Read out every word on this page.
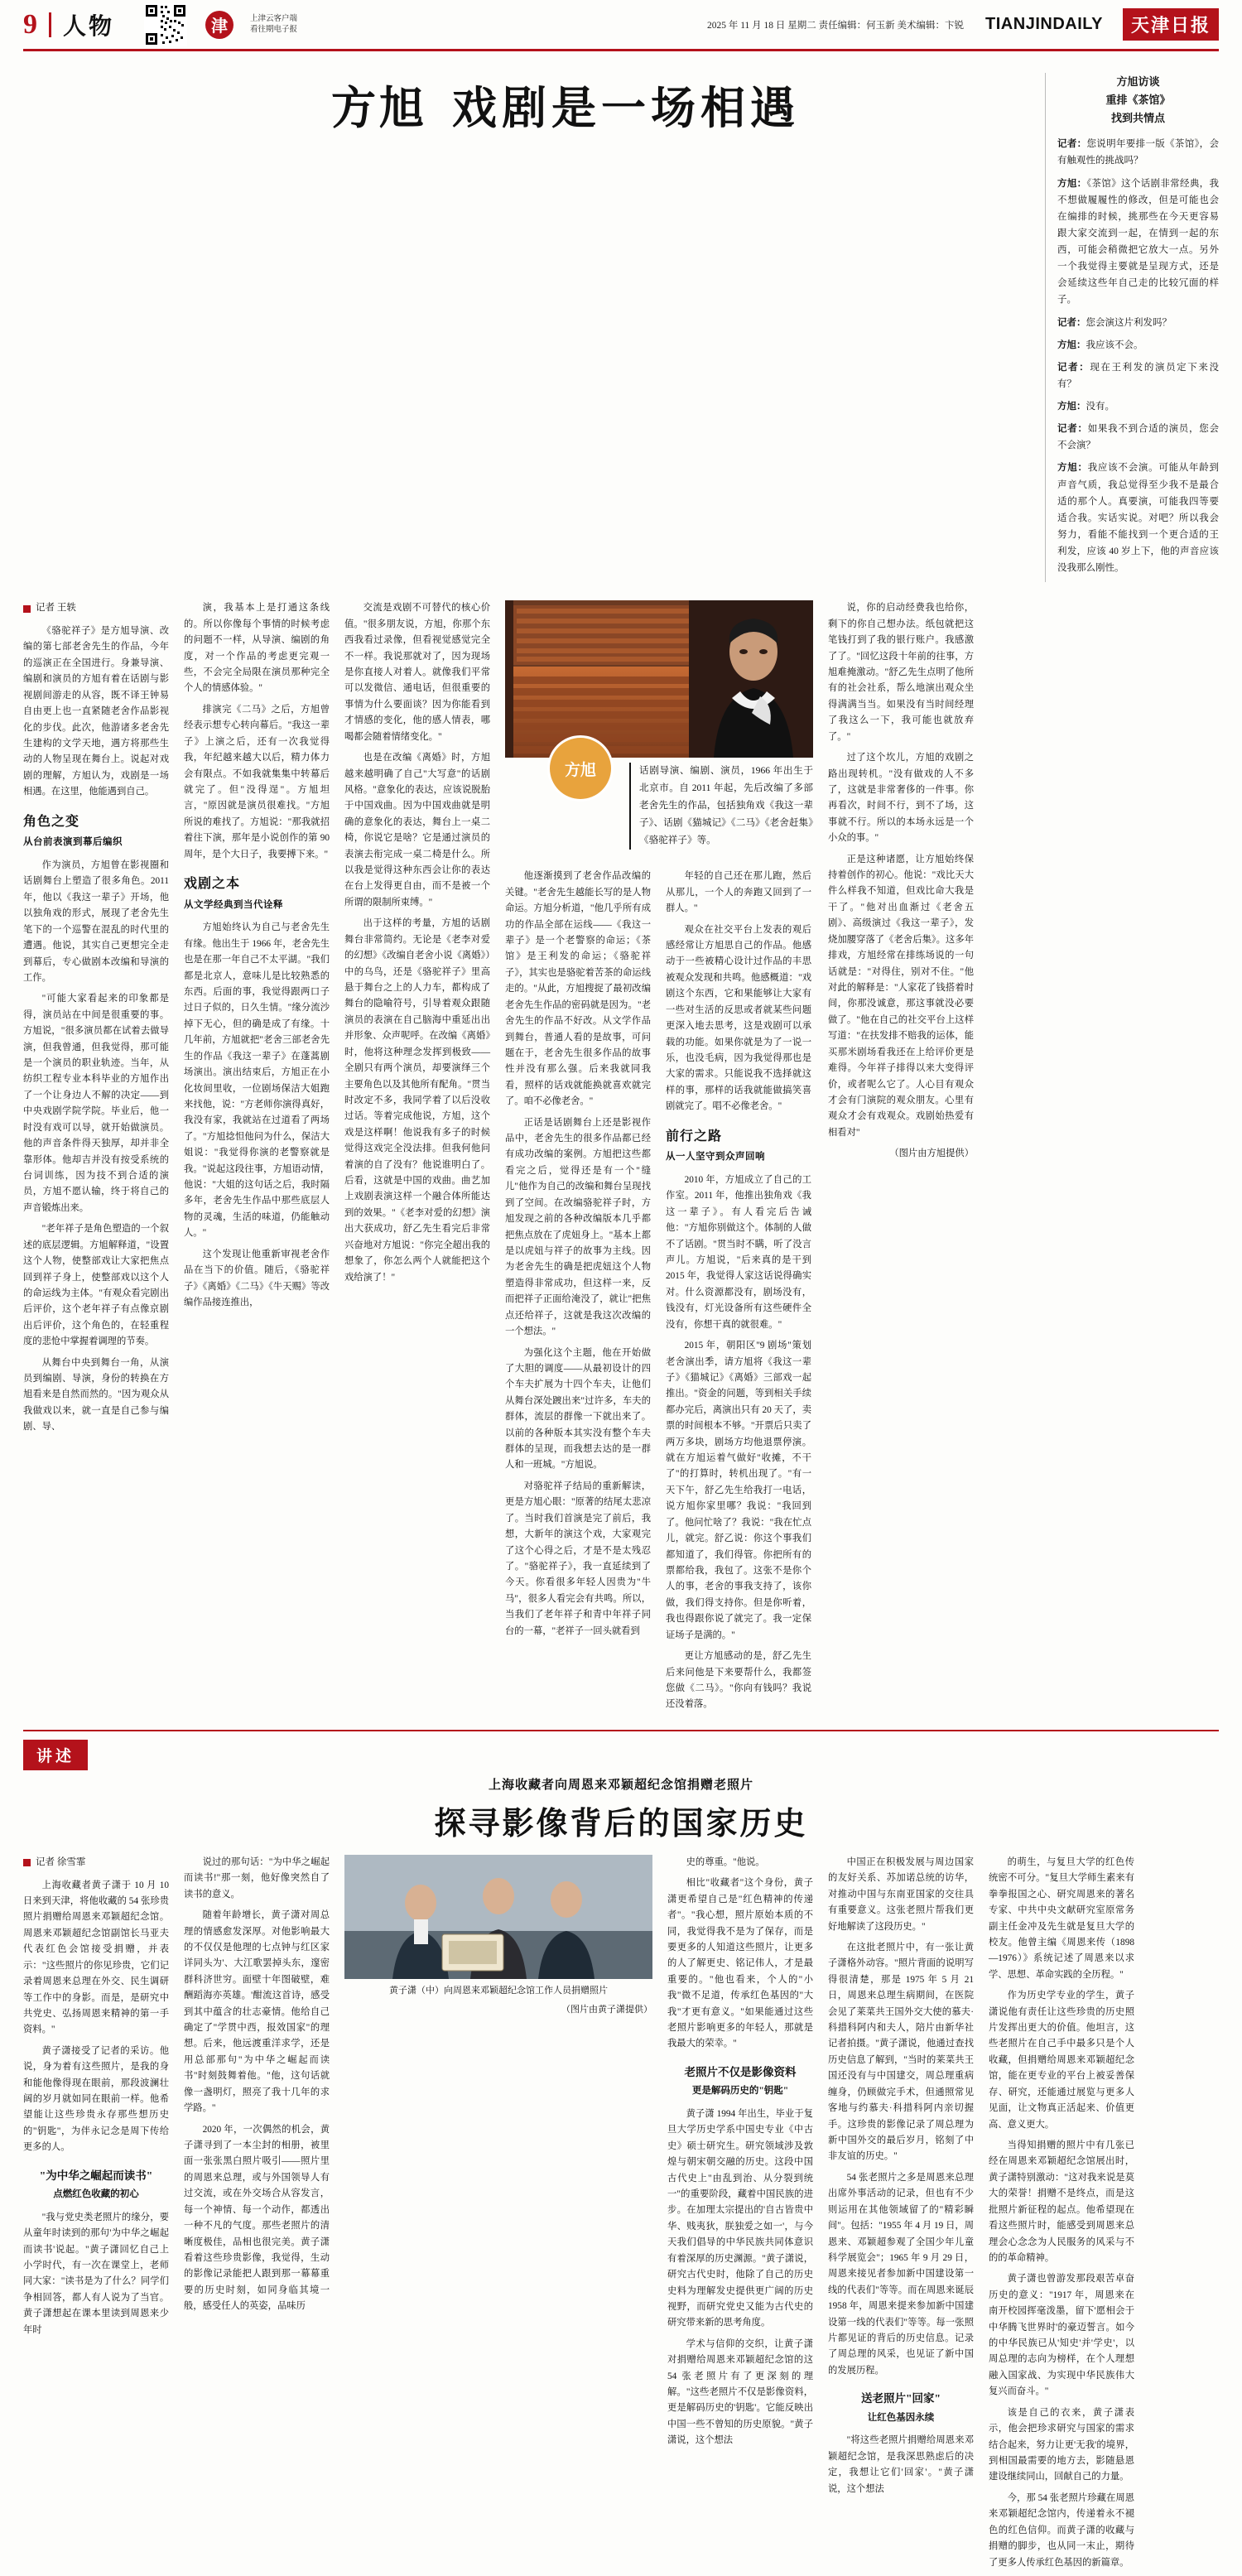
9 人物	津	上津云客户端
看往期电子报	2025 年 11 月 18 日 星期二 责任编辑：何玉新 美术编辑：卞锐	TIANJINDAILY	天津日报
方旭 戏剧是一场相遇
方旭访谈
重排《茶馆》
找到共情点

记者：您说明年要排一版《茶馆》，会有触观性的挑战吗？

方旭：《茶馆》这个话剧非常经典，我不想做履履性的修改，但是可能也会在编排的时候，挑那些在今天更容易跟大家交流到一起，在情到一起的东西，可能会稍微把它放大一点。另外一个我觉得主要就是呈现方式，还是会延续这些年自己走的比较冗面的样子。

记者：您会演这片利发吗？

方旭：我应该不会。

记者：现在王利发的演员定下来没有？

方旭：没有。

记者：如果我不到合适的演员，您会不会演？

方旭：我应该不会演。可能从年龄到声音气质，我总觉得至少我不是最合适的那个人。真要演，可能我四等要适合我。实话实说。对吧？所以我会努力，看能不能找到一个更合适的王利发，应该 40 岁上下，他的声音应该没我那么刚性。

记者 王轶

《骆驼祥子》是方旭导演、改编的第七部老舍先生的作品，今年的巡演正在全国进行。身兼导演、编剧和演员的方旭有着在话剧与影视剧间游走的从容，既不译王钟易自由更上也一直紧随老舍作品影视化的步伐。此次，他游诸多老舍先生建构的文学天地，遇方将那些生动的人物呈现在舞台上。说起对戏剧的理解，方旭认为，戏剧是一场相遇。在这里，他能遇到自己。

角色之变
从台前表演到幕后编织

作为演员，方旭曾在影视圈和话剧舞台上塑造了很多角色。2011 年，他以《我这一辈子》开场，他以独角戏的形式，展现了老舍先生笔下的一个巡警在混乱的时代里的遭遇。他说，其实自己更想完全走到幕后，专心做剧本改编和导演的工作。

"可能大家看起来的印象都是得，演员站在中间是很重要的事。方旭说，"很多演员都在试着去做导演，但我曾通，但我觉得，那可能是一个演员的职业轨迹。当年，从纺织工程专业本科毕业的方旭作出了一个让身边人不解的决定——到中央戏剧学院学院。毕业后，他一时没有戏可以导，就开始做演员。他的声音条件得天独厚，却并非全靠形体。他却吉并没有按受系统的台词训练，因为技不到合适的演员，方旭不愿认输，终于将自己的声音锻炼出来。

"老年祥子是角色塑造的一个叙述的底层逻辑。方旭解释道，"设置这个人物，使整部戏让大家把焦点回到祥子身上，使整部戏以这个人的命运线为主体。"有观众看完剧出后评价，这个老年祥子有点像京剧出后评价，这个角色的，在轻重程度的悲怆中掌握着调理的节奏。

从舞台中央到舞台一角，从演员到编剧、导演，身份的转换在方旭看来是自然而然的。"因为观众从我做戏以来，就一直是自己参与编剧、导、

演，我基本上是打通这条线的。所以你像每个事情的时候考虑的问题不一样，从导演、编剧的角度，对一个作品的考虑更完观一些，不会完全局限在演员那种完全个人的情感体验。"

排演完《二马》之后，方旭曾经表示想专心转向幕后。"我这一辈子》上演之后，还有一次我觉得我，年纪越来越大以后，精力体力会有限点。不如我就集集中转幕后就完了。但"没得逞"。方旭坦言，"原因就是演员很难找。"方旭所说的难找了。方旭说："那我就招着往下演，那年是小说创作的第 90 周年，是个大日子，我要搏下来。"

戏剧之本
从文学经典到当代诠释

方旭始终认为自己与老舍先生有缘。他出生于 1966 年，老舍先生也是在那一年自己不太平湖。"我们都是北京人，意味儿是比较熟悉的东西。后面的事，我觉得跟两口子过日子似的，日久生情。"缘分流沙掉下无心，但的确是成了有缘。十几年前，方旭就把"老舍三部老舍先生的作品《我这一辈子》在蓬蒿剧场演出。演出结束后，方旭正在小化妆间里收，一位剧场保洁大姐跑来找他，说："方老师你演得真好，我没有家，我就站在过道看了两场了。"方旭捻怛他问为什么，保洁大姐说："我觉得你演的老警察就是我。"说起这段往事，方旭语动情，他说："大姐的这句话之后，我时隔多年，老舍先生作品中那些底层人物的灵魂，生活的味道，仍能触动人。"

这个发现让他重新审视老舍作品在当下的价值。随后，《骆驼祥子》《离婚》《二马》《牛天赐》等改编作品接连推出，

交流是戏剧不可替代的核心价值。"很多朋友说，方旭，你那个东西我看过录像，但看视觉感觉完全不一样。我说那就对了，因为现场是你直接人对着人。就像我们平常可以发微信、通电话，但很重要的事情为什么要面谈？因为你能看到才情感的变化，他的感人情表，哪喝都会随着情绪变化。"

也是在改编《离婚》时，方旭越来越明确了自己"大写意"的话剧风格。"意象化的表达，应该说脱胎于中国戏曲。因为中国戏曲就是明确的意象化的表达，舞台上一桌二椅，你说它是啥？它是通过演员的表演去衔完成一桌二椅是什么。所以我是觉得这种东西会让你的表达在台上发得更自由，而不是被一个所谓的限制所束缚。"

出于这样的考量，方旭的话剧舞台非常简约。无论是《老李对爱的幻想》《改编自老舍小说《离婚》）中的乌鸟，还是《骆驼祥子》里高悬于舞台之上的人力车，都构成了舞台的隐喻符号，引导着观众跟随演员的表演在自己脑海中重延出出并形象、众声呢呼。在改编《离婚》时，他将这种理念发挥到极致——全剧只有两个演员，却要演绎三个主要角色以及其他所有配角。"贯当时改定不多，我同学着了以后没收过话。等着完成他说，方旭，这个戏是这样啊！他说我有多子的时候觉得这戏完全没法排。但我何他问着演的自了没有？他说谁明白了。后看，这就是中国的戏曲。曲艺加上戏剧表演这样一个融合体所能达到的效果。"《老李对爱的幻想》演出大获成功，舒乙先生看完后非常兴奋地对方旭说："你完全超出我的想象了，你怎么两个人就能把这个戏给演了！"

方旭	话剧导演、编剧、演员，1966 年出生于北京市。自 2011 年起，先后改编了多部老舍先生的作品，包括独角戏《我这一辈子》、话剧《猫城记》《二马》《老舍赶集》《骆驼祥子》等。

他逐渐摸到了老舍作品改编的关键。"老舍先生越能长写的是人物命运。方旭分析道，"他几乎所有成功的作品全部在运线——《我这一辈子》是一个老警察的命运；《茶馆》是王利发的命运；《骆驼祥子》，其实也是骆驼着苦茶的命运线走的。"从此，方旭搜捉了最初改编老舍先生作品的密码就是因为。"老舍先生的作品不好改。从文学作品到舞台，普通人看的是故事，可问题在于，老舍先生很多作品的故事性并没有那么强。后来我就同我看，照样的话戏就能换就喜欢就完了。咱不必像老舍。"

正话是话剧舞台上还是影视作品中，老舍先生的很多作品都已经有成功改编的案例。方旭把这些都看完之后，觉得还是有一个"缝儿"他作为自己的改编和舞台呈现找到了空间。在改编骆驼祥子时，方旭发现之前的各种改编版本几乎都把焦点放在了虎妞身上。"基本上都是以虎妞与祥子的故事为主线。因为老舍先生的确是把虎妞这个人物塑造得非常成功，但这样一来，反而把祥子正面给淹没了，就让"把焦点还给祥子，这就是我这次改编的一个想法。"

为强化这个主题，他在开始做了大胆的调度——从最初设计的四个车夫扩展为十四个车夫，让他们从舞台深处踱出来"过许多，车夫的群体，流层的群像一下就出来了。以前的各种版本其实没有整个车夫群体的呈现，而我想去达的是一群人和一班城。"方旭说。

对骆驼祥子结局的重新解读，更是方旭心眼："原著的结尾太悲凉了。当时我们首演是完了前后，我想，大新年的演这个戏，大家观完了这个心得之后，才是不是太残忍了。"骆驼祥子》，我一直延续到了今天。你看很多年轻人因贵为"牛马"，很多人看完会有共鸣。所以，当我们了老年祥子和青中年祥子同台的一幕，"老祥子一回头就看到

年轻的自己还在那儿跑，然后从那儿，一个人的奔跑又回到了一群人。"

观众在社交平台上发表的观后感经常让方旭思自己的作品。他感动于一些被精心设计过作品的丰思被观众发现和共鸣。他感概道："戏剧这个东西，它和果能够让大家有一些对生活的反思或者就某些问题更深入地去思考，这是戏剧可以承载的功能。如果你就是为了一说一乐，也没毛病，因为我觉得那也是大家的需求。只能说我不选择就这样的事，那样的话我就能做搞笑喜剧就完了。唱不必像老舍。"

前行之路
从一人坚守到众声回响

2010 年，方旭成立了自己的工作室。2011 年，他推出独角戏《我这一辈子》。有人看完后告诫他："方旭你别做这个。体制的人做不了话剧。"贯当时不瞒，听了没言声儿。方旭说，"后来真的是干到 2015 年，我觉得人家这话说得确实对。什么资源都没有，剧场没有，钱没有，灯光设备所有这些硬件全没有，你想干真的就很难。"

2015 年，朝阳区"9 剧场"策划老舍演出季，请方旭将《我这一辈子》《猫城记》《离婚》三部戏一起推出。"资金的问题，等到相关手续都办完后，离演出只有 20 天了，卖票的时间根本不够。"开票后只卖了两万多块，剧场方均他退票停演。就在方旭运着气做好"收摊，不干了"的打算时，转机出现了。"有一天下午，舒乙先生给我打一电话，说方旭你家里哪？我说："我回到了。他问忙啥了？我说："我在忙点儿，就完。舒乙说：你这个事我们都知道了，我们得管。你把所有的票都给我，我包了。这张不是你个人的事，老舍的事我支持了，该你做，我们得支持你。但是你听着，我也得跟你说了就完了。我一定保证场子是满的。"

更让方旭感动的是，舒乙先生后来问他是下来要帮什么，我都签您做《二马》。"你向有钱吗？我说还没着落。

说，你的启动经费我也给你，剩下的你自己想办法。纸包就把这笔钱打到了我的银行账户。我感激了了。"回忆这段十年前的往事，方旭难掩激动。"舒乙先生点明了他所有的社会社系，帮么地演出观众坐得满满当当。如果没有当时间经理了我这么一下，我可能也就放弃了。"

过了这个坎儿，方旭的戏剧之路出现转机。"没有做戏的人不多了，这就是非常奢侈的一件事。你再看次，时间不行，到不了场，这事就不行。所以的本场永远是一个小众的事。"

正是这种诸愿，让方旭始终保持着创作的初心。他说："戏比天大件么样我不知道，但戏比命大我是干了。"他对出血渐过《老舍五剧》、高级演过《我这一辈子》，发烧加腰穿落了《老舍后集》。这多年排戏，方旭经常在排练场说的一句话就是："对得住，别对不住。"他对此的解释是："人家花了钱搭着时间，你那没诚意，那这事就没必要做了。"他在自己的社交平台上这样写道："在扶发排不赔我的运体，能买那米剧场看我还在上给评价更是难得。今年祥子排得以来大变得评价，或者呢么它了。人心目有观众才会有门演院的观众朋友。心里有观众才会有戏观众。戏剧始热爱有相看对"

（图片由方旭提供）

讲述
上海收藏者向周恩来邓颖超纪念馆捐赠老照片
探寻影像背后的国家历史
记者 徐雪霏

上海收藏者黄子潇于 10 月 10 日来到天津，将他收藏的 54 张珍贵照片捐赠给周恩来邓颖超纪念馆。周恩来邓颖超纪念馆副馆长马亚夫代表红色会馆接受捐赠，并表示："这些照片的你见珍贵，它们记录着周恩来总理在外交、民生调研等工作中的身影。而是，是研究中共党史、弘扬周恩来精神的第一手资料。"

黄子潇接受了记者的采访。他说，身为着有这些照片，是我的身和能他像得现在眼前，那段波澜壮阔的岁月就如同在眼前一样。他希望能让这些珍贵永存那些想历史的"钥匙"，为伴永记念是周下传给更多的人。

"为中华之崛起而读书"
点燃红色收藏的初心

"我与党史类老照片的缘分，要从童年时读到的那句'为中华之崛起而读书'说起。"黄子潇回忆自己上小学时代，有一次在课堂上，老师同大家："读书是为了什么？同学们争相回答，都人有人说为了当官。黄子潇想起在课本里读到周恩来少年时

说过的那句话："为中华之崛起而读书!"那一刻，他好像突然自了读书的意义。

随着年龄增长，黄子潇对周总理的情感愈发深厚。对他影响最大的不仅仅是他理的七点钟与红区家详同头为'、大江歌罢掉头东，邃密群科济世穷。面壁十年图破壁，难酬蹈海亦英雄。'酣流这首诗，感受到其中蕴含的壮志豪情。他给自己确定了"学贯中西，报效国家"的理想。后来，他远渡重洋求学，还是用总部那句"为中华之崛起而读书"时刻鼓舞着他。"他，这句话就像一盏明灯，照亮了我十几年的求学路。"

2020 年，一次偶然的机会，黄子潇寻到了一本尘封的相册，被里面一张张黑白照片吸引——照片里的周恩来总理，或与外国领导人有过交流，或在外交场合从容发言，每一个神情、每一个动作，都透出一种不凡的气度。那些老照片的清晰度极佳，品相也很完美。黄子潇看着这些珍贵影像，我觉得，生动的影像记录能把人跟到那一幕幕重要的历史时刻，如同身临其境一般，感受任人的英姿，品味历

黄子潇（中）向周恩来邓颖超纪念馆工作人员捐赠照片
（图片由黄子潇提供）

史的尊重。"他说。

相比"收藏者"这个身份，黄子潇更希望自己是"红色精神的传递者"。"我心想，照片原始本质的不同，我觉得我不是为了保存，而是要更多的人知道这些照片，让更多的人了解更史、铭记伟人，才是最重要的。"他也看来，个人的"小我"微不足道，传承红色基因的"大我"才更有意义。"如果能通过这些老照片影响更多的年轻人，那就是我最大的荣幸。"

老照片不仅是影像资料
更是解码历史的"钥匙"

黄子潇 1994 年出生，毕业于复旦大学历史学系中国史专业《中古史》硕士研究生。研究领域涉及敦煌与朝宋朝交融的历史。这段中国古代史上"由乱到治、从分裂到统一"的重要阶段，藏着中国民族的进步。在加理太宗提出的'自古皆贵中华、贱夷狄，朕独爱之如一'，与今天我们倡导的中华民族共同体意识有着深厚的历史渊源。"黄子潇说，研究古代史时，他除了自己的历史史料为理解发史提供更广阔的历史视野，而研究党史又能为古代史的研究带来新的思考角度。

学术与信仰的交织，让黄子潇对捐赠给周恩来邓颖超纪念馆的这 54 张老照片有了更深刻的理解。"这些老照片不仅是影像资料，更是解码历史的'钥匙'。它能反映出中国一些不曾知的历史原貌。"黄子潇说，这个想法

中国正在积极发展与周边国家的友好关系、苏加诺总统的访华，对推动中国与东南亚国家的交往具有重要意义。这张老照片帮我们更好地解读了这段历史。"

在这批老照片中，有一张让黄子潇格外动容。"照片背面的说明写得很清楚，那是 1975 年 5 月 21 日，周恩来总理生病期间，在医院会见了莱菜共王国外交大使的慕夫·科措科阿内和夫人，陪片由新华社记者拍摄。"黄子潇说，他通过查找历史信息了解到，"当时的莱菜共王国还没有与中国建交，周总理重病缠身，仍顾做完手术，但通照常见客地与约慕夫·科措科阿内亲切握手。这珍贵的影像记录了周总理为新中国外交的最后岁月，铭刻了中非友谊的历史。"

54 张老照片之多是周恩来总理出席外事活动的记录，但也有不少则运用在其他领域留了的"精彩瞬间"。包括："1955 年 4 月 19 日，周恩来、邓颖超参观了全国少年儿童科学展览会"；1965 年 9 月 29 日，周恩来接见者参加新中国建设第一线的代表们"等等。而在周恩来诞辰 1958 年，周恩来提来参加新中国建设第一线的代表们"等等。每一张照片都见证的背后的历史信息。记录了周总理的风采，也见证了新中国的发展历程。

送老照片"回家"
让红色基因永续

"将这些老照片捐赠给周恩来邓颖超纪念馆，是我深思熟虑后的决定，我想让它们'回家'。"黄子潇说，这个想法

的萌生，与复旦大学的红色传统密不可分。"复旦大学师生素来有拳拳报国之心、研究周恩来的著名专家、中共中央文献研究室原常务副主任金冲及先生就是复旦大学的校友。他曾主编《周恩来传（1898—1976）》系统记述了周恩来以求学、思想、革命实践的全历程。"

作为历史学专业的学生，黄子潇说他有责任让这些珍贵的历史照片发挥出更大的价值。他坦言，这些老照片在自己手中最多只是个人收藏，但捐赠给周恩来邓颖超纪念馆，能在更专业的平台上被妥善保存、研究，还能通过展览与更多人见面，让文物真正活起来、价值更高、意义更大。

当得知捐赠的照片中有几张已经在周恩来邓颖超纪念馆展出时，黄子潇特别激动："这对我来说是莫大的荣誉！捐赠不是终点，而是这批照片新征程的起点。他希望现在看这些照片时，能感受到周恩来总理会心念念为人民服务的风采与不的的革命精神。

黄子潇也曾游发那段艰苦卓奋历史的意义："1917 年，周恩来在南开校园挥毫泼墨，留下'愿相会于中华腾飞世界时'的豪迈誓言。如今的中华民族已从'知史'并'学史'，以周总理的志向为榜样，在个人理想融入国家战、为实现中华民族伟大复兴而奋斗。"

该是自己的衣来，黄子潇表示，他会把珍求研究与国家的需求结合起来，努力让更'无我'的境界，到相国最需要的地方去，影随悬恩建设继续同山，回献自己的力量。

今，那 54 张老照片珍藏在周恩来邓颖超纪念馆内，传递着永不褪色的红色信仰。而黄子潇的收藏与捐赠的脚步，也从同一末止，期待了更多人传承红色基因的新篇章。
